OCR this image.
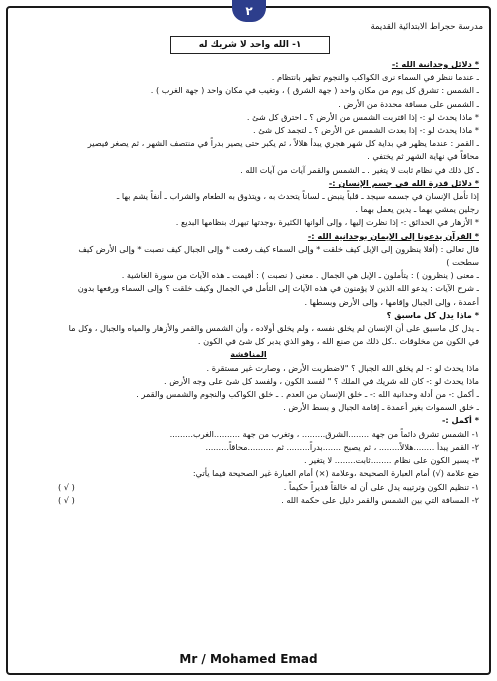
٢
مدرسة حجراط الابتدائية القديمة
١- الله واحد لا شريك له
* دلائل وحدانية الله :-
ـ عندما ننظر في السماء نرى الكواكب والنجوم تظهر بانتظام .
ـ الشمس : تشرق كل يوم من مكان واحد ( جهة الشرق ) ، وتغيب في مكان واحد ( جهة الغرب ) .
ـ الشمس على مسافة محددة من الأرض .
* ماذا يحدث لو :- إذا اقتربت الشمس من الأرض ؟ ـ احترق كل شئ .
* ماذا يحدث لو :- إذا بعدت الشمس عن الأرض ؟ ـ لتجمد كل شئ .
ـ القمر : عندما يظهر في بداية كل شهر هجري يبدأ هلالاً ، ثم يكبر حتى يصير بدراً في منتصف الشهر ، ثم يصغر فيصير
محاقاً في نهاية الشهر ثم يختفي .
ـ كل ذلك في نظام ثابت لا يتغير . ـ الشمس والقمر آيات من آيات الله .
* دلائل قدرة الله في جسم الإنسان :-
إذا تأمل الإنسان في جسمه سيجد ـ قلباً ينبض ـ لساناً يتحدث به ، ويتذوق به الطعام والشراب ـ أنفاً يشم بها ـ
رجلين يمشي بهما ـ يدين يعمل بهما .
* الأزهار في الحدائق :- إذا نظرت إليها ، وإلى ألوانها الكثيرة ،وجدتها تبهرك بنظامها البديع .
* القرآن يدعونا إلى الإيمان بوحدانية الله :-
قال تعالى : (أفلا ينظرون إلى الإبل كيف خلقت * وإلى السماء كيف رفعت * وإلى الجبال كيف نصبت * وإلى الأرض كيف
سطحت )
ـ معنى ( ينظرون ) : يتأملون ـ الإبل هي الجمال . معنى ( نصبت ) : أقيمت ـ هذه الآيات من سورة الغاشية .
ـ شرح الآيات : يدعو الله الذين لا يؤمنون في هذه الآيات إلى التأمل في الجمال وكيف خلقت ؟ وإلى السماء ورفعها بدون
أعمدة ، وإلى الجبال وإقامها ، وإلى الأرض وبسطها .
* ماذا يدل كل ماسبق ؟
ـ يدل كل ماسبق على أن الإنسان لم يخلق نفسه ، ولم يخلق أولاده ، وأن الشمس والقمر والأزهار والمياه والجبال ، وكل ما
في الكون من مخلوقات ..كل ذلك من صنع الله ، وهو الذي يدبر كل شئ في الكون .
المناقشة
ماذا يحدث لو :- لم يخلق الله الجبال ؟ "لاضطربت الأرض ، وصارت غير مستقرة .
ماذا يحدث لو :- كان لله شريك في الملك ؟ " لفسد الكون ، ولفسد كل شئ على وجه الأرض .
ـ أكمل :- من أدلة وحدانية الله :- ـ خلق الإنسان من العدم . ـ خلق الكواكب والنجوم والشمس والقمر .
ـ خلق السموات بغير أعمدة ـ إقامة الجبال و بسط الأرض .
* أكمل :-
١- الشمس تشرق دائماً من جهة ........الشرق......... ، وتغرب من جهة ..........الغرب.........
٢- القمر يبدأ ........هلالاً........ ، ثم يصبح .......بدراً......... ثم ..........محاقاً.........
٣- يسير الكون على نظام ........ثابت........ لا يتغير .
ضع علامة (√) أمام العبارة الصحيحة ،وعلامة (×) أمام العبارة غير الصحيحة فيما يأتي:
١- تنظيم الكون وترتيبه يدل على أن له خالقاً قديراً حكيماً .
( √ )
٢- المسافة التي بين الشمس والقمر دليل على حكمة الله .
( √ )
Mr / Mohamed Emad
